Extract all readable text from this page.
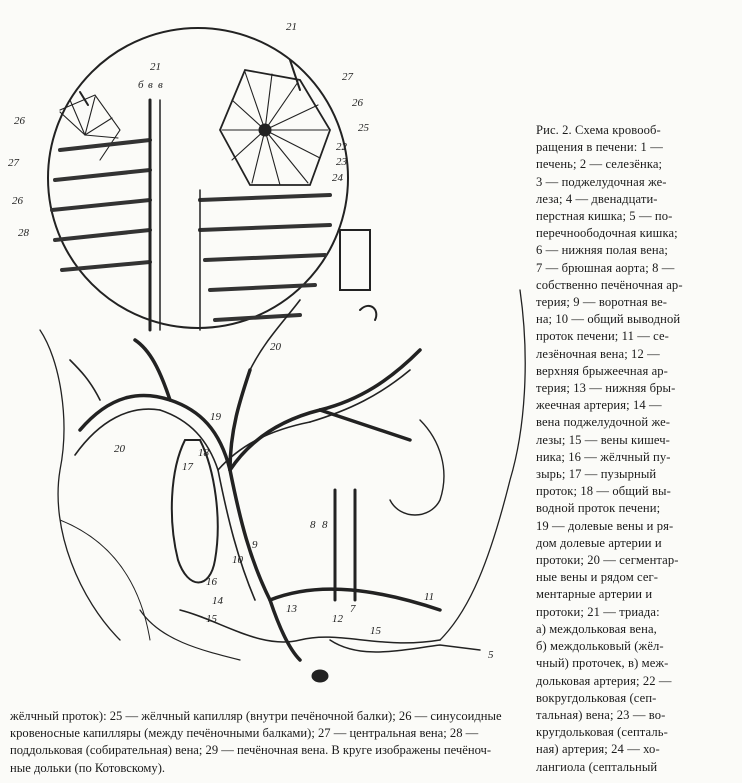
21
21
б в в
27
26
25
22
23
24
26
27
28
26
20
20
18
17
19
16
10
9
8 8
14
13
12
15
15
11
5
7
Рис. 2. Схема кровооб-
ращения в печени: 1 —
печень; 2 — селезёнка;
3 — поджелудочная же-
леза; 4 — двенадцати-
перстная кишка; 5 — по-
перечноободочная кишка;
6 — нижняя полая вена;
7 — брюшная аорта; 8 —
собственно печёночная ар-
терия; 9 — воротная ве-
на; 10 — общий выводной
проток печени; 11 — се-
лезёночная вена; 12 —
верхняя брыжеечная ар-
терия; 13 — нижняя бры-
жеечная артерия; 14 —
вена поджелудочной же-
лезы; 15 — вены кишеч-
ника; 16 — жёлчный пу-
зырь; 17 — пузырный
проток; 18 — общий вы-
водной проток печени;
19 — долевые вены и ря-
дом долевые артерии и
протоки; 20 — сегментар-
ные вены и рядом сег-
ментарные артерии и
протоки; 21 — триада:
а) междольковая вена,
б) междольковый (жёл-
чный) проточек, в) меж-
дольковая артерия; 22 —
вокругдольковая (сеп-
тальная) вена; 23 — во-
кругдольковая (септаль-
ная) артерия; 24 — хо-
лангиола (септальный
жёлчный проток): 25 — жёлчный капилляр (внутри печёночной балки); 26 — синусоидные
кровеносные капилляры (между печёночными балками); 27 — центральная вена; 28 —
поддольковая (собирательная) вена; 29 — печёночная вена. В круге изображены печёноч-
ные дольки (по Котовскому).
